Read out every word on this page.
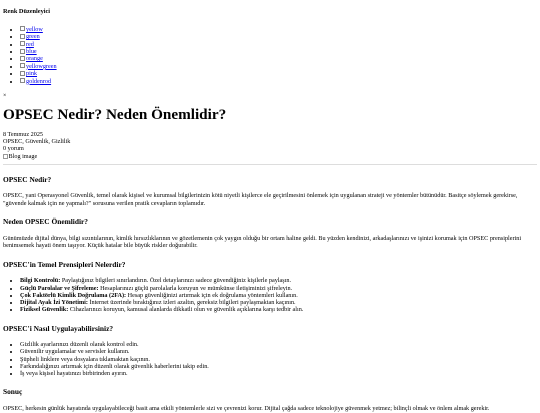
Renk Düzenleyici
• yellow
• green
• red
• blue
• orange
• yellowgreen
• pink
• goldenrod
×
OPSEC Nedir? Neden Önemlidir?
8 Temmuz 2025
OPSEC, Güvenlik, Gizlilik
0 yorum
Blog image
OPSEC Nedir?

OPSEC, yani Operasyonel Güvenlik, temel olarak kişisel ve kurumsal bilgilerinizin kötü niyetli kişilerce ele geçirilmesini önlemek için uygulanan strateji ve yöntemler bütünüdür. Basitçe söylemek gerekirse, "güvende kalmak için ne yapmalı?" sorusuna verilen pratik cevapların toplamıdır.

Neden OPSEC Önemlidir?

Günümüzde dijital dünya, bilgi sızıntılarının, kimlik hırsızlıklarının ve gözetlemenin çok yaygın olduğu bir ortam haline geldi. Bu yüzden kendinizi, arkadaşlarınızı ve işinizi korumak için OPSEC prensiplerini benimsemek hayati önem taşıyor. Küçük hatalar bile büyük riskler doğurabilir.

OPSEC'in Temel Prensipleri Nelerdir?
• Bilgi Kontrolü: Paylaştığınız bilgileri sınırlandırın. Özel detaylarınızı sadece güvendiğiniz kişilerle paylaşın.
• Güçlü Parolalar ve Şifreleme: Hesaplarınızı güçlü parolalarla koruyun ve mümkünse iletişiminizi şifreleyin.
• Çok Faktörlü Kimlik Doğrulama (2FA): Hesap güvenliğinizi artırmak için ek doğrulama yöntemleri kullanın.
• Dijital Ayak İzi Yönetimi: İnternet üzerinde bıraktığınız izleri azaltın, gereksiz bilgileri paylaşmaktan kaçının.
• Fiziksel Güvenlik: Cihazlarınızı koruyun, kamusal alanlarda dikkatli olun ve güvenlik açıklarına karşı tedbir alın.
OPSEC'i Nasıl Uygulayabilirsiniz?
• Gizlilik ayarlarınızı düzenli olarak kontrol edin.
• Güvenilir uygulamalar ve servisler kullanın.
• Şüpheli linklere veya dosyalara tıklamaktan kaçının.
• Farkındalığınızı artırmak için düzenli olarak güvenlik haberlerini takip edin.
• İş veya kişisel hayatınızı birbirinden ayırın.
Sonuç

OPSEC, herkesin günlük hayatında uygulayabileceği basit ama etkili yöntemlerle sizi ve çevrenizi korur. Dijital çağda sadece teknolojiye güvenmek yetmez; bilinçli olmak ve önlem almak gerekir.
